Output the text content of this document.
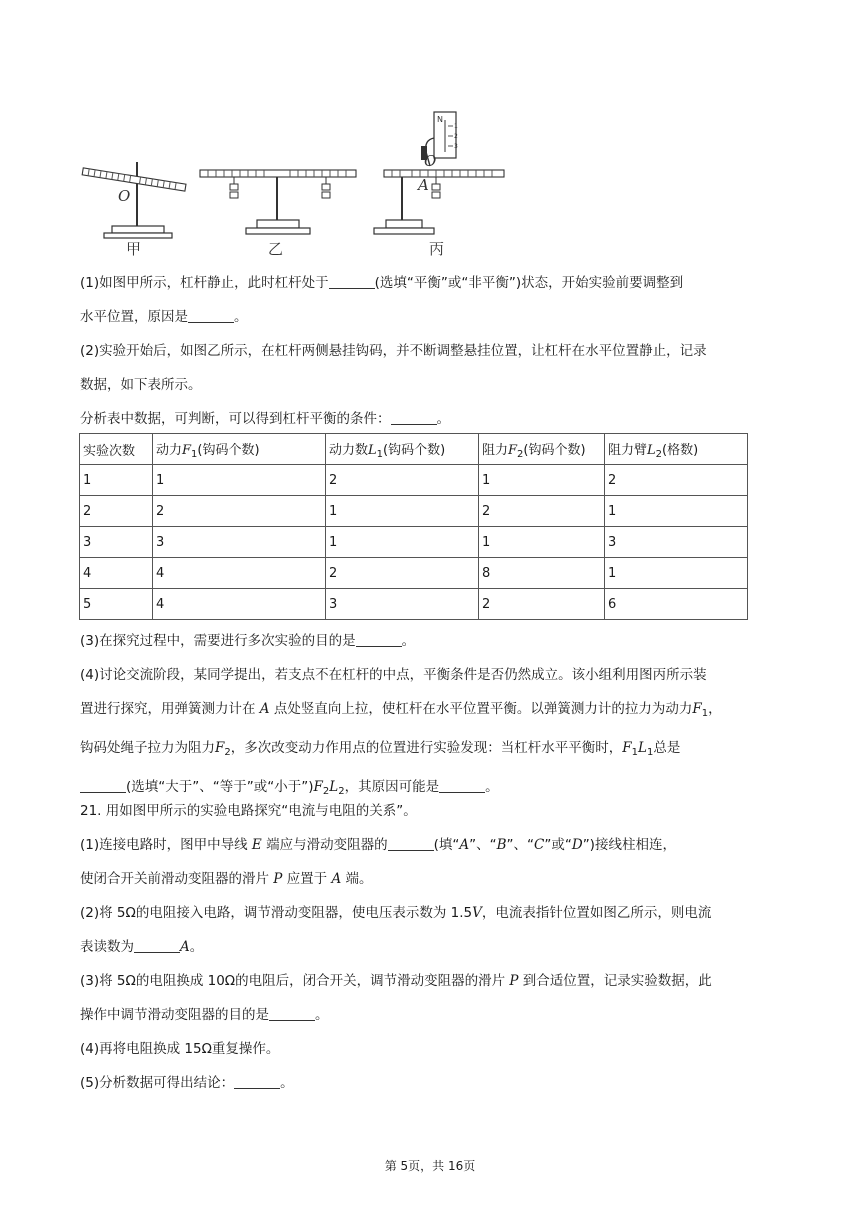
O
甲	乙
N
1
2
3
O
A
丙
(1)如图甲所示，杠杆静止，此时杠杆处于	(选填“平衡”或“非平衡”)状态，开始实验前要调整到
水平位置，原因是	。
(2)实验开始后，如图乙所示，在杠杆两侧悬挂钩码，并不断调整悬挂位置，让杠杆在水平位置静止，记录
数据，如下表所示。
分析表中数据，可判断，可以得到杠杆平衡的条件：	。
实验次数	动力$F_1$(钩码个数)	动力数$L_1$(钩码个数)	阻力$F_2$(钩码个数)	阻力臂$L_2$(格数)
1	1	2	1	2
2	2	1	2	1
3	3	1	1	3
4	4	2	8	1
5	4	3	2	6
(3)在探究过程中，需要进行多次实验的目的是	。
(4)讨论交流阶段，某同学提出，若支点不在杠杆的中点，平衡条件是否仍然成立。该小组利用图丙所示装
置进行探究，用弹簧测力计在 A 点处竖直向上拉，使杠杆在水平位置平衡。以弹簧测力计的拉力为动力$F_1$，
钩码处绳子拉力为阻力$F_2$，多次改变动力作用点的位置进行实验发现：当杠杆水平平衡时，$F_1L_1$总是
(选填“大于”、“等于”或“小于$”)F_2L_2$，其原因可能是	。
21. 用如图甲所示的实验电路探究“电流与电阻的关系”。
(1)连接电路时，图甲中导线 E 端应与滑动变阻器的	(填“A”、“B”、“C”或“D”)接线柱相连，
使闭合开关前滑动变阻器的滑片 P 应置于 A 端。
(2)将 5Ω的电阻接入电路，调节滑动变阻器，使电压表示数为 1.5V，电流表指针位置如图乙所示，则电流
表读数为	A。
(3)将 5Ω的电阻换成 10Ω的电阻后，闭合开关，调节滑动变阻器的滑片 P 到合适位置，记录实验数据，此
操作中调节滑动变阻器的目的是	。
(4)再将电阻换成 15Ω重复操作。
(5)分析数据可得出结论：	。
第 5页，共 16页
